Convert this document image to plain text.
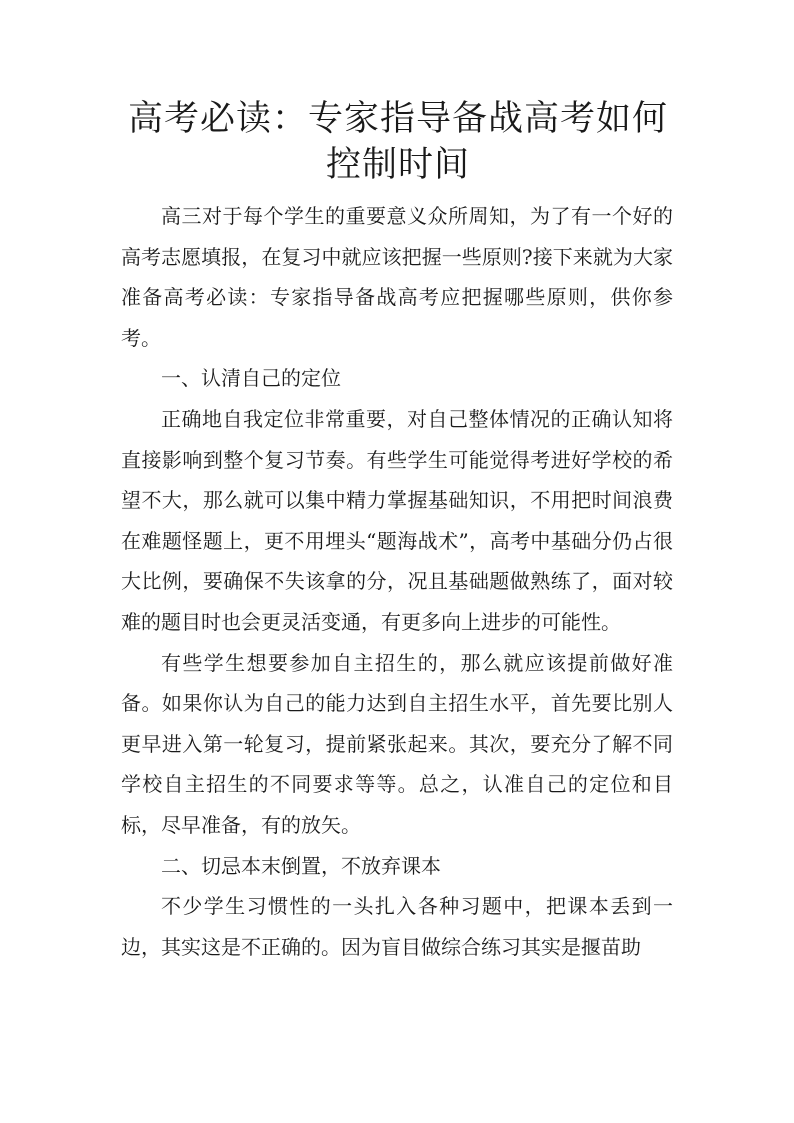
高考必读：专家指导备战高考如何控制时间

高三对于每个学生的重要意义众所周知，为了有一个好的高考志愿填报，在复习中就应该把握一些原则?接下来就为大家准备高考必读：专家指导备战高考应把握哪些原则，供你参考。

一、认清自己的定位

正确地自我定位非常重要，对自己整体情况的正确认知将直接影响到整个复习节奏。有些学生可能觉得考进好学校的希望不大，那么就可以集中精力掌握基础知识，不用把时间浪费在难题怪题上，更不用埋头“题海战术”，高考中基础分仍占很大比例，要确保不失该拿的分，况且基础题做熟练了，面对较难的题目时也会更灵活变通，有更多向上进步的可能性。

有些学生想要参加自主招生的，那么就应该提前做好准备。如果你认为自己的能力达到自主招生水平，首先要比别人更早进入第一轮复习，提前紧张起来。其次，要充分了解不同学校自主招生的不同要求等等。总之，认准自己的定位和目标，尽早准备，有的放矢。

二、切忌本末倒置，不放弃课本

不少学生习惯性的一头扎入各种习题中，把课本丢到一边，其实这是不正确的。因为盲目做综合练习其实是揠苗助
